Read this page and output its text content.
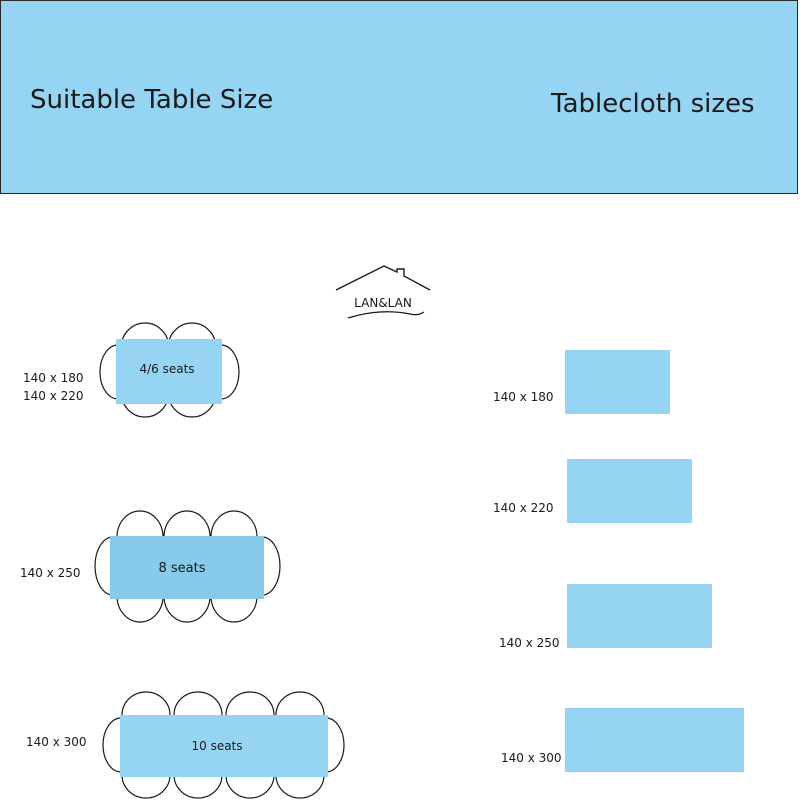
Suitable Table Size	Tablecloth sizes
LAN&LAN
4/6 seats
140 x 180
140 x 220
8 seats
140 x 250
10 seats
140 x 300
140 x 180
140 x 220
140 x 250
140 x 300
